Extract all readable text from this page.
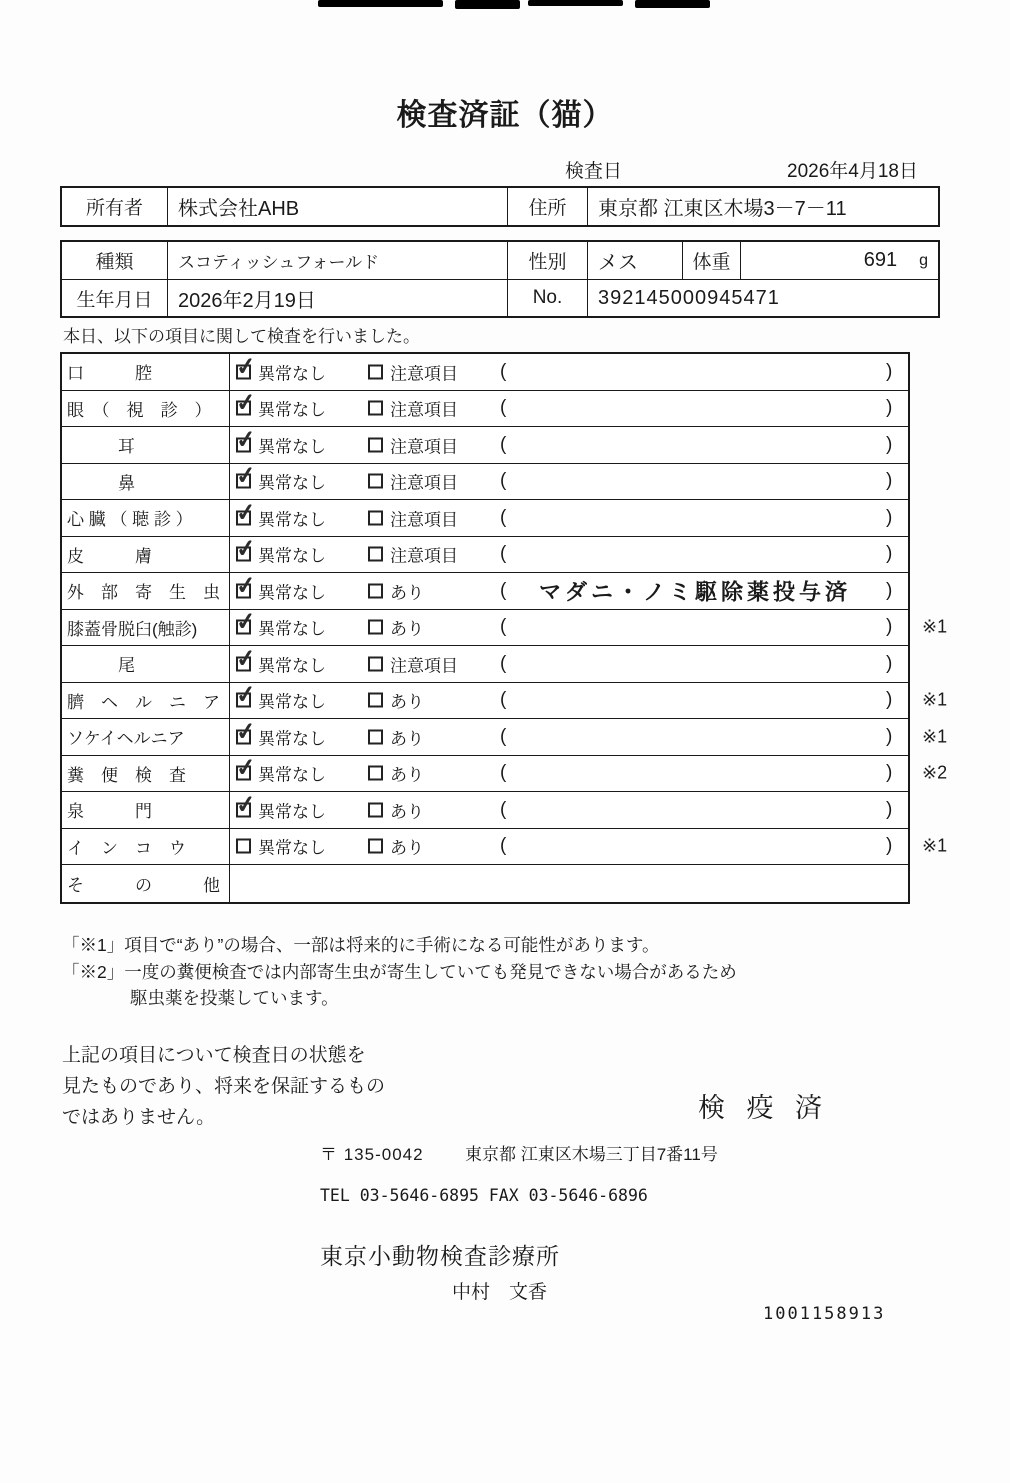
検査済証（猫）
検査日	2026年4月18日
所有者	株式会社AHB	住所	東京都 江東区木場3－7－11
種類	スコティッシュフォールド	性別	メス	体重	691 g
生年月日	2026年2月19日	No.	392145000945471
本日、以下の項目に関して検査を行いました。
口　　　腔	✓ 異常なし	注意項目 (	)
眼　（　視　診　） ✓ 異常なし	注意項目 (	)
　　　耳	✓ 異常なし	注意項目 (	)
　　　鼻	✓ 異常なし	注意項目 (	)
心 臓 （ 聴 診 ）	✓ 異常なし	注意項目 (	)
皮　　　膚	✓ 異常なし	注意項目 (	)
外　部　寄　生　虫 ✓ 異常なし	あり	(	マダニ・ノミ駆除薬投与済	)
膝蓋骨脱臼(触診)	✓ 異常なし	あり	(	) ※1
　　　尾	✓ 異常なし	注意項目 (	)
臍　ヘ　ル　ニ　ア ✓ 異常なし	あり	(	) ※1
ソケイヘルニア	✓ 異常なし	あり	(	) ※1
糞　便　検　査	✓ 異常なし	あり	(	) ※2
泉　　　門	✓ 異常なし	あり	(	)
イ　ン　コ　ウ	異常なし	あり	(	) ※1
そ　　　の　　　他
「※1」項目で“あり”の場合、一部は将来的に手術になる可能性があります。
「※2」一度の糞便検査では内部寄生虫が寄生していても発見できない場合があるため
駆虫薬を投薬しています。
上記の項目について検査日の状態を
見たものであり、将来を保証するもの
ではありません。	検 疫 済
〒 135-0042 東京都 江東区木場三丁目7番11号
TEL 03-5646-6895 FAX 03-5646-6896
東京小動物検査診療所
中村　文香
1001158913
